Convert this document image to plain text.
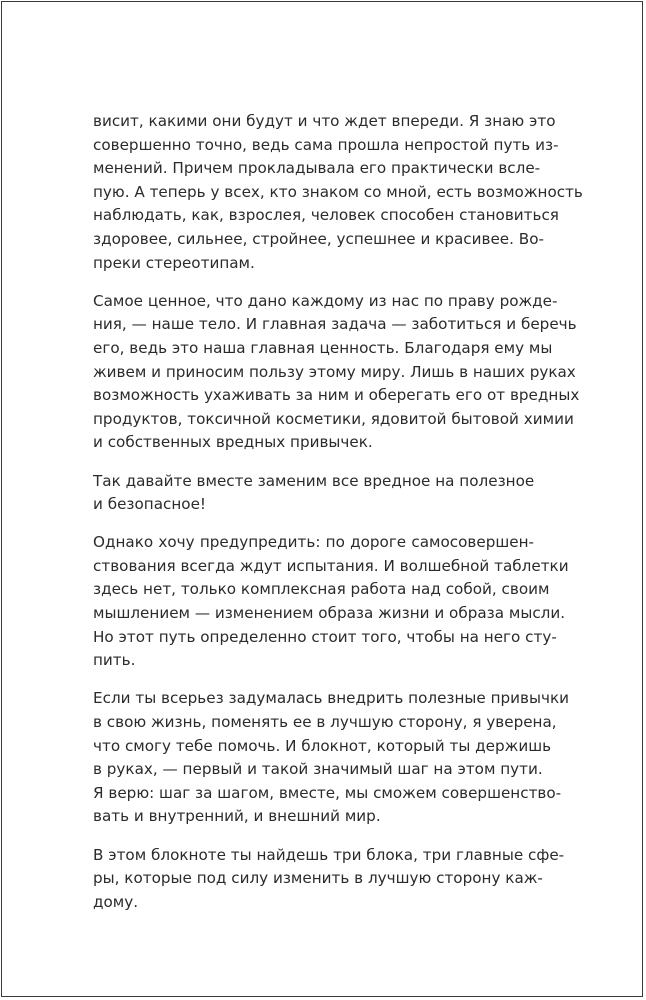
висит, какими они будут и что ждет впереди. Я знаю это
совершенно точно, ведь сама прошла непростой путь из-
менений. Причем прокладывала его практически всле-
пую. А теперь у всех, кто знаком со мной, есть возможность
наблюдать, как, взрослея, человек способен становиться
здоровее, сильнее, стройнее, успешнее и красивее. Во-
преки стереотипам.
Самое ценное, что дано каждому из нас по праву рожде-
ния, — наше тело. И главная задача — заботиться и беречь
его, ведь это наша главная ценность. Благодаря ему мы
живем и приносим пользу этому миру. Лишь в наших руках
возможность ухаживать за ним и оберегать его от вредных
продуктов, токсичной косметики, ядовитой бытовой химии
и собственных вредных привычек.
Так давайте вместе заменим все вредное на полезное
и безопасное!
Однако хочу предупредить: по дороге самосовершен-
ствования всегда ждут испытания. И волшебной таблетки
здесь нет, только комплексная работа над собой, своим
мышлением — изменением образа жизни и образа мысли.
Но этот путь определенно стоит того, чтобы на него сту-
пить.
Если ты всерьез задумалась внедрить полезные привычки
в свою жизнь, поменять ее в лучшую сторону, я уверена,
что смогу тебе помочь. И блокнот, который ты держишь
в руках, — первый и такой значимый шаг на этом пути.
Я верю: шаг за шагом, вместе, мы сможем совершенство-
вать и внутренний, и внешний мир.
В этом блокноте ты найдешь три блока, три главные сфе-
ры, которые под силу изменить в лучшую сторону каж-
дому.
